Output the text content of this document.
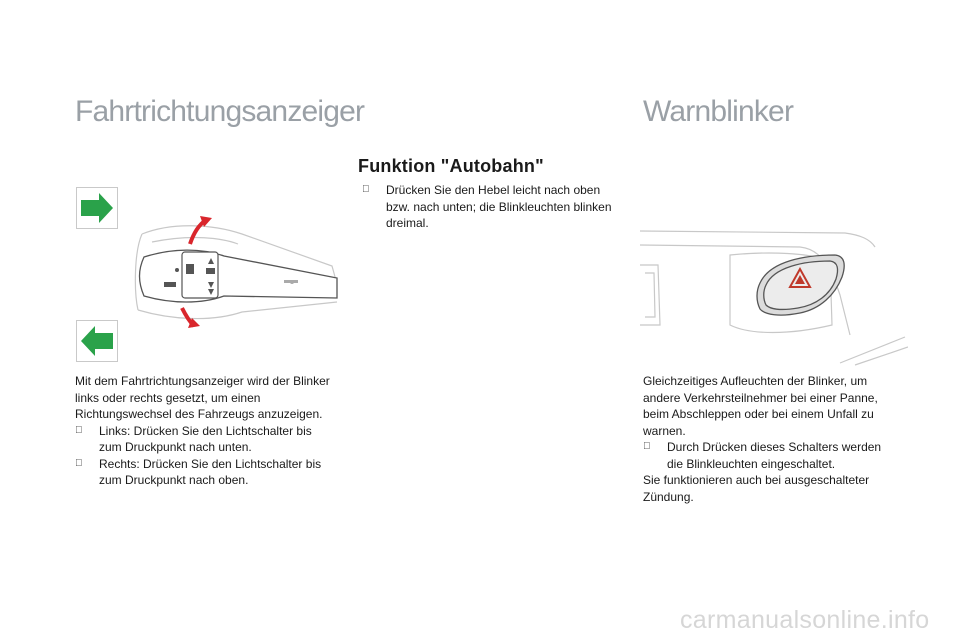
Fahrtrichtungsanzeiger	Warnblinker
Funktion "Autobahn"
Drücken Sie den Hebel leicht nach oben bzw. nach unten; die Blinkleuchten blinken dreimal.

Mit dem Fahrtrichtungsanzeiger wird der Blinker links oder rechts gesetzt, um einen Richtungswechsel des Fahrzeugs anzuzeigen.

Links: Drücken Sie den Lichtschalter bis zum Druckpunkt nach unten.
Rechts: Drücken Sie den Lichtschalter bis zum Druckpunkt nach oben.

Gleichzeitiges Aufleuchten der Blinker, um andere Verkehrsteilnehmer bei einer Panne, beim Abschleppen oder bei einem Unfall zu warnen.

Durch Drücken dieses Schalters werden die Blinkleuchten eingeschaltet.

Sie funktionieren auch bei ausgeschalteter Zündung.

carmanualsonline.info
